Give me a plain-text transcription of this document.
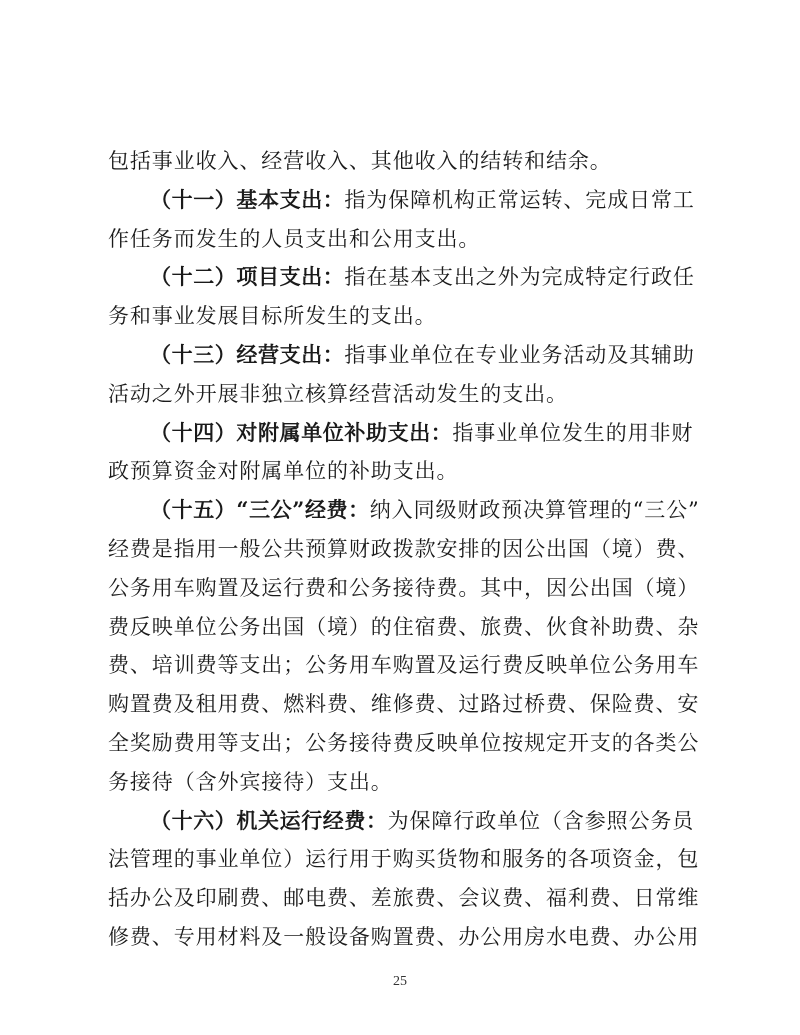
包括事业收入、经营收入、其他收入的结转和结余。
（十一）基本支出：指为保障机构正常运转、完成日常工
作任务而发生的人员支出和公用支出。
（十二）项目支出：指在基本支出之外为完成特定行政任
务和事业发展目标所发生的支出。
（十三）经营支出：指事业单位在专业业务活动及其辅助
活动之外开展非独立核算经营活动发生的支出。
（十四）对附属单位补助支出：指事业单位发生的用非财
政预算资金对附属单位的补助支出。
（十五）“三公”经费：纳入同级财政预决算管理的“三公”
经费是指用一般公共预算财政拨款安排的因公出国（境）费、
公务用车购置及运行费和公务接待费。其中，因公出国（境）
费反映单位公务出国（境）的住宿费、旅费、伙食补助费、杂
费、培训费等支出；公务用车购置及运行费反映单位公务用车
购置费及租用费、燃料费、维修费、过路过桥费、保险费、安
全奖励费用等支出；公务接待费反映单位按规定开支的各类公
务接待（含外宾接待）支出。
（十六）机关运行经费：为保障行政单位（含参照公务员
法管理的事业单位）运行用于购买货物和服务的各项资金，包
括办公及印刷费、邮电费、差旅费、会议费、福利费、日常维
修费、专用材料及一般设备购置费、办公用房水电费、办公用
25
